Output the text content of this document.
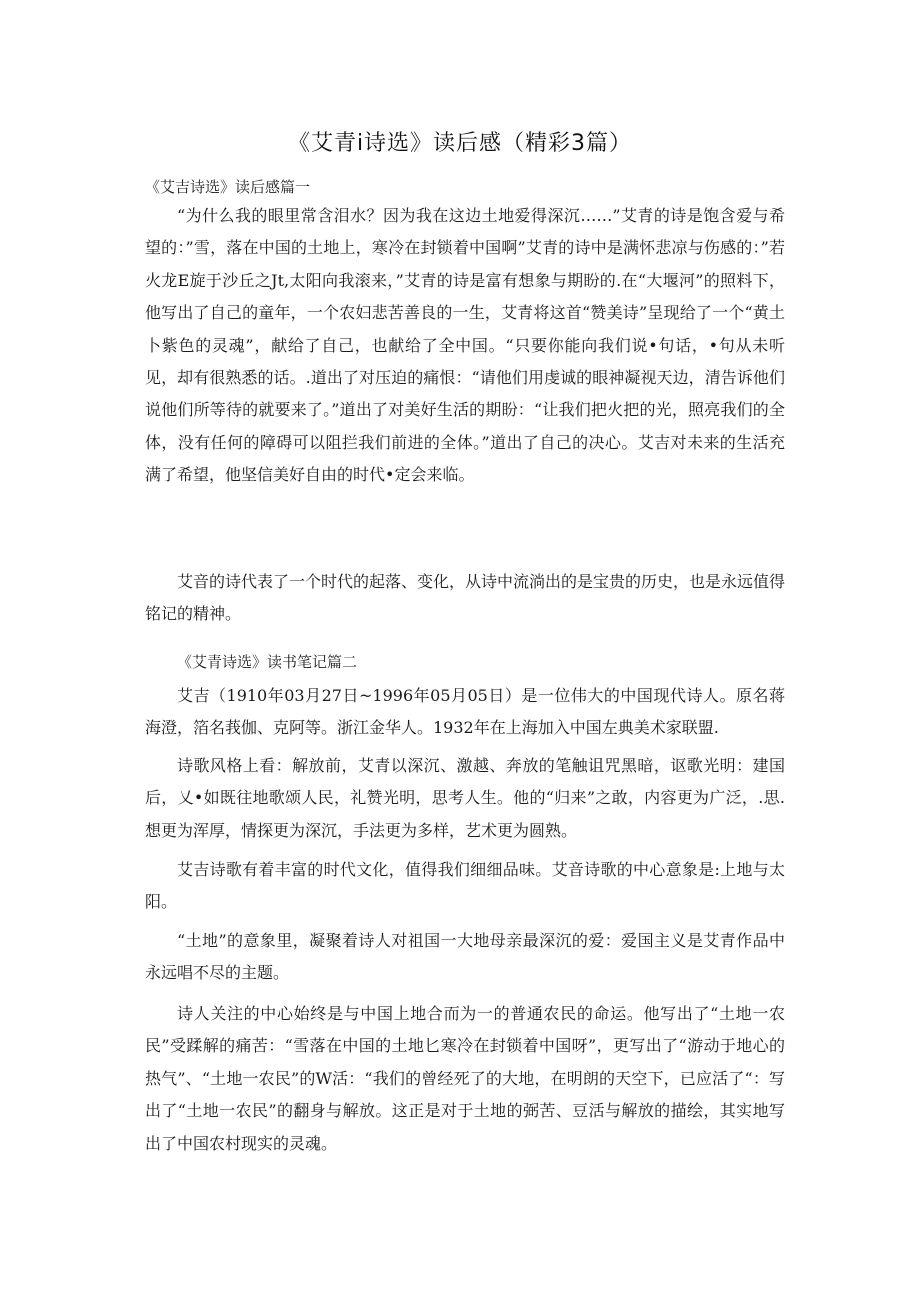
《艾青i诗选》读后感（精彩3篇）
《艾吉诗选》读后感篇一

“为什么我的眼里常含泪水？因为我在这边土地爱得深沉……”艾青的诗是饱含爱与希望的：”雪，落在中国的土地上，寒冷在封锁着中国啊”艾青的诗中是满怀悲凉与伤感的：”若火龙E旋于沙丘之Jt,太阳向我滚来，”艾青的诗是富有想象与期盼的.在“大堰河”的照料下，他写出了自己的童年，一个农妇悲苦善良的一生，艾青将这首“赞美诗”呈现给了一个“黄土卜紫色的灵魂”，献给了自己，也献给了全中国。“只要你能向我们说•句话，•句从未听见，却有很熟悉的话。.道出了对压迫的痛恨：“请他们用虔诚的眼神凝视天边，清告诉他们说他们所等待的就要来了。”道出了对美好生活的期盼：“让我们把火把的光，照亮我们的全体，没有任何的障碍可以阻拦我们前进的全体。”道出了自己的决心。艾吉对未来的生活充满了希望，他坚信美好自由的时代•定会来临。

艾音的诗代表了一个时代的起落、变化，从诗中流淌出的是宝贵的历史，也是永远值得铭记的精神。

《艾青诗选》读书笔记篇二

艾吉（1910年03月27日~1996年05月05日）是一位伟大的中国现代诗人。原名蒋海澄，箔名莪伽、克阿等。浙江金华人。1932年在上海加入中国左典美术家联盟.

诗歌风格上看：解放前，艾青以深沉、激越、奔放的笔触诅咒黑暗，讴歌光明：建国后，乂•如既往地歌颂人民，礼赞光明，思考人生。他的“归来”之敢，内容更为广泛，.思.想更为浑厚，情探更为深沉，手法更为多样，艺术更为圆熟。

艾吉诗歌有着丰富的时代文化，值得我们细细品味。艾音诗歌的中心意象是:上地与太阳。

“土地”的意象里，凝聚着诗人对祖国一大地母亲最深沉的爱：爱国主义是艾青作品中永远唱不尽的主题。

诗人关注的中心始终是与中国上地合而为一的普通农民的命运。他写出了“土地一农民”受蹂解的痛苦：“雪落在中国的土地匕寒冷在封锁着中国呀”，更写出了“游动于地心的热气”、“土地一农民”的W活：“我们的曾经死了的大地，在明朗的天空下，已应活了“：写出了“土地一农民”的翻身与解放。这正是对于土地的弼苦、豆活与解放的描绘，其实地写出了中国农村现实的灵魂。
